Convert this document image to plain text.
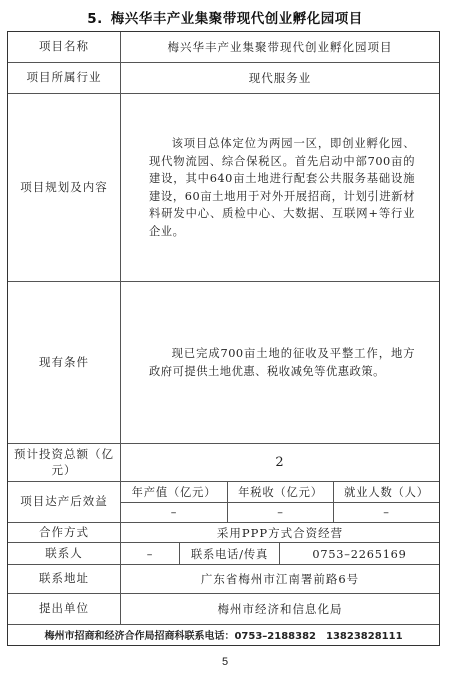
5. 梅兴华丰产业集聚带现代创业孵化园项目
项目名称	梅兴华丰产业集聚带现代创业孵化园项目
项目所属行业	现代服务业
项目规划及内容

该项目总体定位为两园一区，即创业孵化园、现代物流园、综合保税区。首先启动中部700亩的建设，其中640亩土地进行配套公共服务基础设施建设，60亩土地用于对外开展招商，计划引进新材料研发中心、质检中心、大数据、互联网+等行业企业。

现有条件

现已完成700亩土地的征收及平整工作，地方政府可提供土地优惠、税收减免等优惠政策。

预计投资总额（亿元）	2
项目达产后效益
年产值（亿元）	年税收（亿元）	就业人数（人）
–	–	–
合作方式	采用PPP方式合资经营
联系人	–	联系电话/传真	0753–2265169
联系地址	广东省梅州市江南署前路6号
提出单位	梅州市经济和信息化局
梅州市招商和经济合作局招商科联系电话：0753–2188382　13823828111
5
